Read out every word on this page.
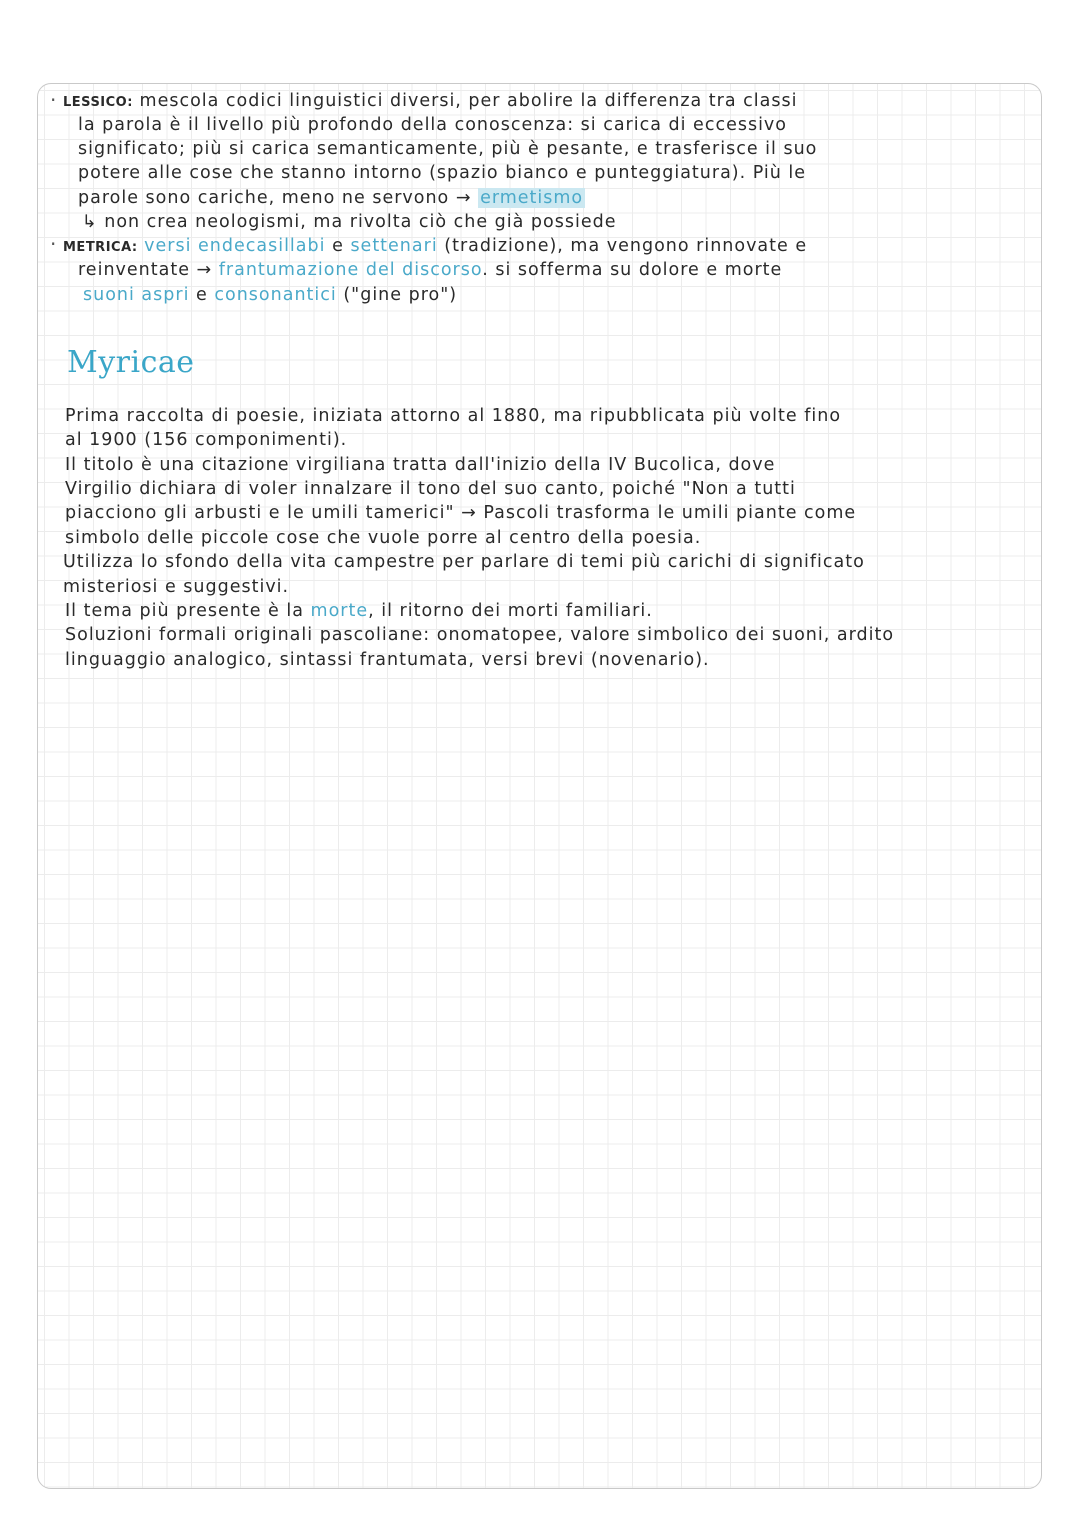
· LESSICO: mescola codici linguistici diversi, per abolire la differenza tra classi
la parola è il livello più profondo della conoscenza: si carica di eccessivo
significato; più si carica semanticamente, più è pesante, e trasferisce il suo
potere alle cose che stanno intorno (spazio bianco e punteggiatura). Più le
parole sono cariche, meno ne servono → ermetismo
↳ non crea neologismi, ma rivolta ciò che già possiede
· METRICA: versi endecasillabi e settenari (tradizione), ma vengono rinnovate e
reinventate → frantumazione del discorso. si sofferma su dolore e morte
suoni aspri e consonantici ("gine pro")
Myricae
Prima raccolta di poesie, iniziata attorno al 1880, ma ripubblicata più volte fino
al 1900 (156 componimenti).
Il titolo è una citazione virgiliana tratta dall'inizio della IV Bucolica, dove
Virgilio dichiara di voler innalzare il tono del suo canto, poiché "Non a tutti
piacciono gli arbusti e le umili tamerici" → Pascoli trasforma le umili piante come
simbolo delle piccole cose che vuole porre al centro della poesia.
Utilizza lo sfondo della vita campestre per parlare di temi più carichi di significato
misteriosi e suggestivi.
Il tema più presente è la morte, il ritorno dei morti familiari.
Soluzioni formali originali pascoliane: onomatopee, valore simbolico dei suoni, ardito
linguaggio analogico, sintassi frantumata, versi brevi (novenario).
